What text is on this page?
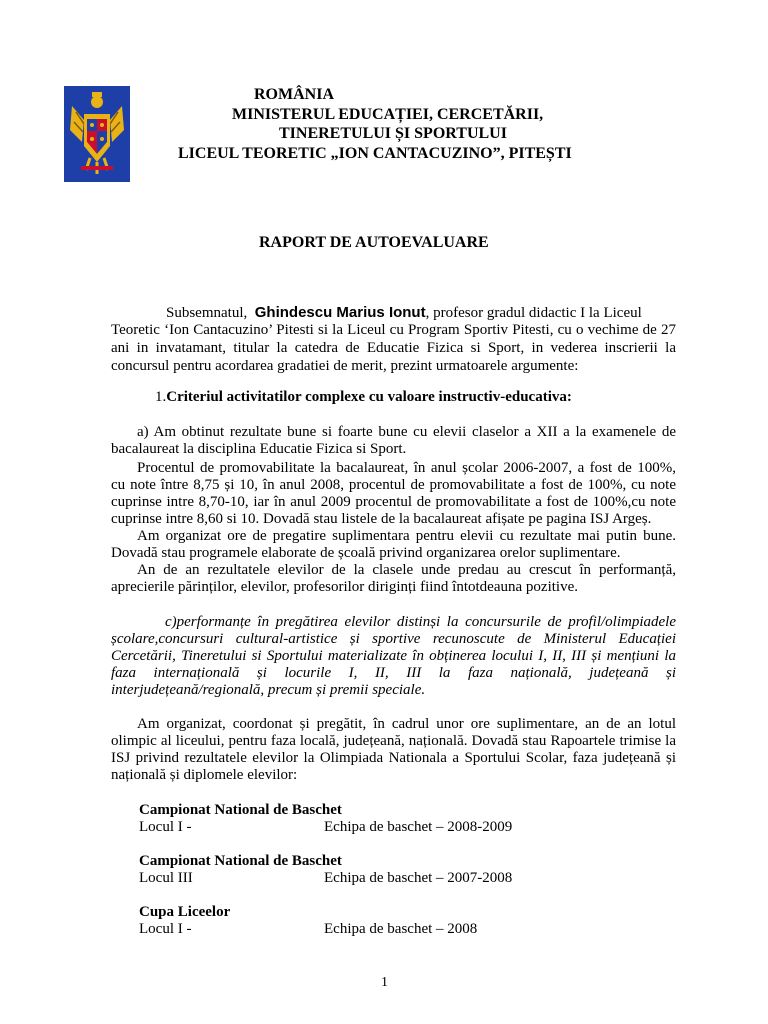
ROMÂNIA
MINISTERUL EDUCAȚIEI, CERCETĂRII,
TINERETULUI ȘI SPORTULUI
LICEUL TEORETIC „ION CANTACUZINO”, PITEȘTI
RAPORT DE AUTOEVALUARE
Subsemnatul, Ghindescu Marius Ionut, profesor gradul didactic I la Liceul
Teoretic ‘Ion Cantacuzino’ Pitesti si la Liceul cu Program Sportiv Pitesti, cu o vechime de 27
ani in invatamant, titular la catedra de Educatie Fizica si Sport, in vederea inscrierii la
concursul pentru acordarea gradatiei de merit, prezint urmatoarele argumente:
1.Criteriul activitatilor complexe cu valoare instructiv-educativa:
a) Am obtinut rezultate bune si foarte bune cu elevii claselor a XII a la examenele de
bacalaureat la disciplina Educatie Fizica si Sport.
Procentul de promovabilitate la bacalaureat, în anul școlar 2006-2007, a fost de 100%,
cu note între 8,75 și 10, în anul 2008, procentul de promovabilitate a fost de 100%, cu note
cuprinse intre 8,70-10, iar în anul 2009 procentul de promovabilitate a fost de 100%,cu note
cuprinse intre 8,60 si 10. Dovadă stau listele de la bacalaureat afișate pe pagina ISJ Argeș.
Am organizat ore de pregatire suplimentara pentru elevii cu rezultate mai putin bune.
Dovadă stau programele elaborate de școală privind organizarea orelor suplimentare.
An de an rezultatele elevilor de la clasele unde predau au crescut în performanță,
aprecierile părinților, elevilor, profesorilor diriginți fiind întotdeauna pozitive.
c)performanțe în pregătirea elevilor distinși la concursurile de profil/olimpiadele
școlare,concursuri cultural-artistice și sportive recunoscute de Ministerul Educației
Cercetării, Tineretului si Sportului materializate în obținerea locului I, II, III și mențiuni la
faza internațională și locurile I, II, III la faza națională, județeană și
interjudețeană/regională, precum și premii speciale.
Am organizat, coordonat și pregătit, în cadrul unor ore suplimentare, an de an lotul
olimpic al liceului, pentru faza locală, județeană, națională. Dovadă stau Rapoartele trimise la
ISJ privind rezultatele elevilor la Olimpiada Nationala a Sportului Scolar, faza județeană și
națională și diplomele elevilor:
Campionat National de Baschet
Locul I -	Echipa de baschet – 2008-2009
Campionat National de Baschet
Locul III	Echipa de baschet – 2007-2008
Cupa Liceelor
Locul I -	Echipa de baschet – 2008
1
